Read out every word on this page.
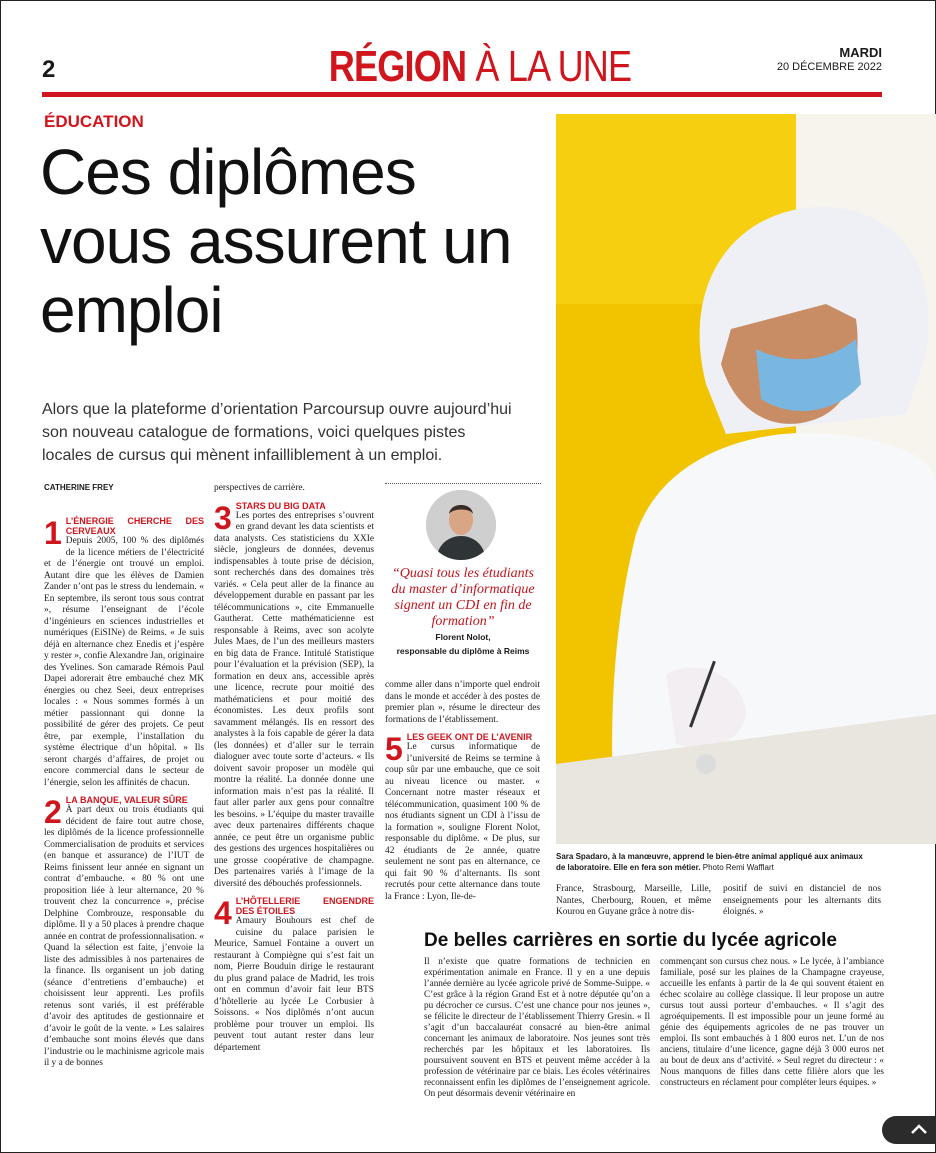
2	RÉGION À LA UNE	MARDI
20 DÉCEMBRE 2022
ÉDUCATION
Ces diplômes vous assurent un emploi
Alors que la plateforme d’orientation Parcoursup ouvre aujourd’hui son nouveau catalogue de formations, voici quelques pistes locales de cursus qui mènent infailliblement à un emploi.
Sara Spadaro, à la manœuvre, apprend le bien-être animal appliqué aux animaux de laboratoire. Elle en fera son métier. Photo Remi Wafflart
CATHERINE FREY
1 L’ÉNERGIE CHERCHE DES CERVEAUX

Depuis 2005, 100 % des diplômés de la licence métiers de l’électricité et de l’énergie ont trouvé un emploi. Autant dire que les élèves de Damien Zander n’ont pas le stress du lendemain. « En septembre, ils seront tous sous contrat », résume l’enseignant de l’école d’ingénieurs en sciences industrielles et numériques (EiSINe) de Reims. « Je suis déjà en alternance chez Enedis et j’espère y rester », confie Alexandre Jan, originaire des Yvelines. Son camarade Rémois Paul Dapei adorerait être embauché chez MK énergies ou chez Seei, deux entreprises locales : « Nous sommes formés à un métier passionnant qui donne la possibilité de gérer des projets. Ce peut être, par exemple, l’installation du système électrique d’un hôpital. » Ils seront chargés d’affaires, de projet ou encore commercial dans le secteur de l’énergie, selon les affinités de chacun.

2 LA BANQUE, VALEUR SÛRE

À part deux ou trois étudiants qui décident de faire tout autre chose, les diplômés de la licence professionnelle Commercialisation de produits et services (en banque et assurance) de l’IUT de Reims finissent leur année en signant un contrat d’embauche. « 80 % ont une proposition liée à leur alternance, 20 % trouvent chez la concurrence », précise Delphine Combrouze, responsable du diplôme. Il y a 50 places à prendre chaque année en contrat de professionnalisation. « Quand la sélection est faite, j’envoie la liste des admissibles à nos partenaires de la finance. Ils organisent un job dating (séance d’entretiens d’embauche) et choisissent leur apprenti. Les profils retenus sont variés, il est préférable d’avoir des aptitudes de gestionnaire et d’avoir le goût de la vente. » Les salaires d’embauche sont moins élevés que dans l’industrie ou le machinisme agricole mais il y a de bonnes

perspectives de carrière.

3 STARS DU BIG DATA

Les portes des entreprises s’ouvrent en grand devant les data scientists et data analysts. Ces statisticiens du XXIe siècle, jongleurs de données, devenus indispensables à toute prise de décision, sont recherchés dans des domaines très variés. « Cela peut aller de la finance au développement durable en passant par les télécommunications », cite Emmanuelle Gautherat. Cette mathématicienne est responsable à Reims, avec son acolyte Jules Maes, de l’un des meilleurs masters en big data de France. Intitulé Statistique pour l’évaluation et la prévision (SEP), la formation en deux ans, accessible après une licence, recrute pour moitié des mathématiciens et pour moitié des économistes. Les deux profils sont savamment mélangés. Ils en ressort des analystes à la fois capable de gérer la data (les données) et d’aller sur le terrain dialoguer avec toute sorte d’acteurs. « Ils doivent savoir proposer un modèle qui montre la réalité. La donnée donne une information mais n’est pas la réalité. Il faut aller parler aux gens pour connaître les besoins. » L’équipe du master travaille avec deux partenaires différents chaque année, ce peut être un organisme public des gestions des urgences hospitalières ou une grosse coopérative de champagne. Des partenaires variés à l’image de la diversité des débouchés professionnels.

4 L’HÔTELLERIE ENGENDRE DES ÉTOILES

Amaury Bouhours est chef de cuisine du palace parisien le Meurice, Samuel Fontaine a ouvert un restaurant à Compiègne qui s’est fait un nom, Pierre Bouduin dirige le restaurant du plus grand palace de Madrid, les trois ont en commun d’avoir fait leur BTS d’hôtellerie au lycée Le Corbusier à Soissons. « Nos diplômés n’ont aucun problème pour trouver un emploi. Ils peuvent tout autant rester dans leur département

“Quasi tous les étudiants du master d’informatique signent un CDI en fin de formation”
Florent Nolot,
responsable du diplôme à Reims

comme aller dans n’importe quel endroit dans le monde et accéder à des postes de premier plan », résume le directeur des formations de l’établissement.

5 LES GEEK ONT DE L’AVENIR

Le cursus informatique de l’université de Reims se termine à coup sûr par une embauche, que ce soit au niveau licence ou master. « Concernant notre master réseaux et télécommunication, quasiment 100 % de nos étudiants signent un CDI à l’issu de la formation », souligne Florent Nolot, responsable du diplôme. « De plus, sur 42 étudiants de 2e année, quatre seulement ne sont pas en alternance, ce qui fait 90 % d’alternants. Ils sont recrutés pour cette alternance dans toute la France : Lyon, Ile-de-

France, Strasbourg, Marseille, Lille, Nantes, Cherbourg, Rouen, et même Kourou en Guyane grâce à notre dis-

positif de suivi en distanciel de nos enseignements pour les alternants dits éloignés. »

De belles carrières en sortie du lycée agricole

Il n’existe que quatre formations de technicien en expérimentation animale en France. Il y en a une depuis l’année dernière au lycée agricole privé de Somme-Suippe. « C’est grâce à la région Grand Est et à notre députée qu’on a pu décrocher ce cursus. C’est une chance pour nos jeunes », se félicite le directeur de l’établissement Thierry Gresin. « Il s’agit d’un baccalauréat consacré au bien-être animal concernant les animaux de laboratoire. Nos jeunes sont très recherchés par les hôpitaux et les laboratoires. Ils poursuivent souvent en BTS et peuvent même accéder à la profession de vétérinaire par ce biais. Les écoles vétérinaires reconnaissent enfin les diplômes de l’enseignement agricole. On peut désormais devenir vétérinaire en

commençant son cursus chez nous. » Le lycée, à l’ambiance familiale, posé sur les plaines de la Champagne crayeuse, accueille les enfants à partir de la 4e qui souvent étaient en échec scolaire au collège classique. Il leur propose un autre cursus tout aussi porteur d’embauches. « Il s’agit des agroéquipements. Il est impossible pour un jeune formé au génie des équipements agricoles de ne pas trouver un emploi. Ils sont embauchés à 1 800 euros net. L’un de nos anciens, titulaire d’une licence, gagne déjà 3 000 euros net au bout de deux ans d’activité. » Seul regret du directeur : « Nous manquons de filles dans cette filière alors que les constructeurs en réclament pour compléter leurs équipes. »
